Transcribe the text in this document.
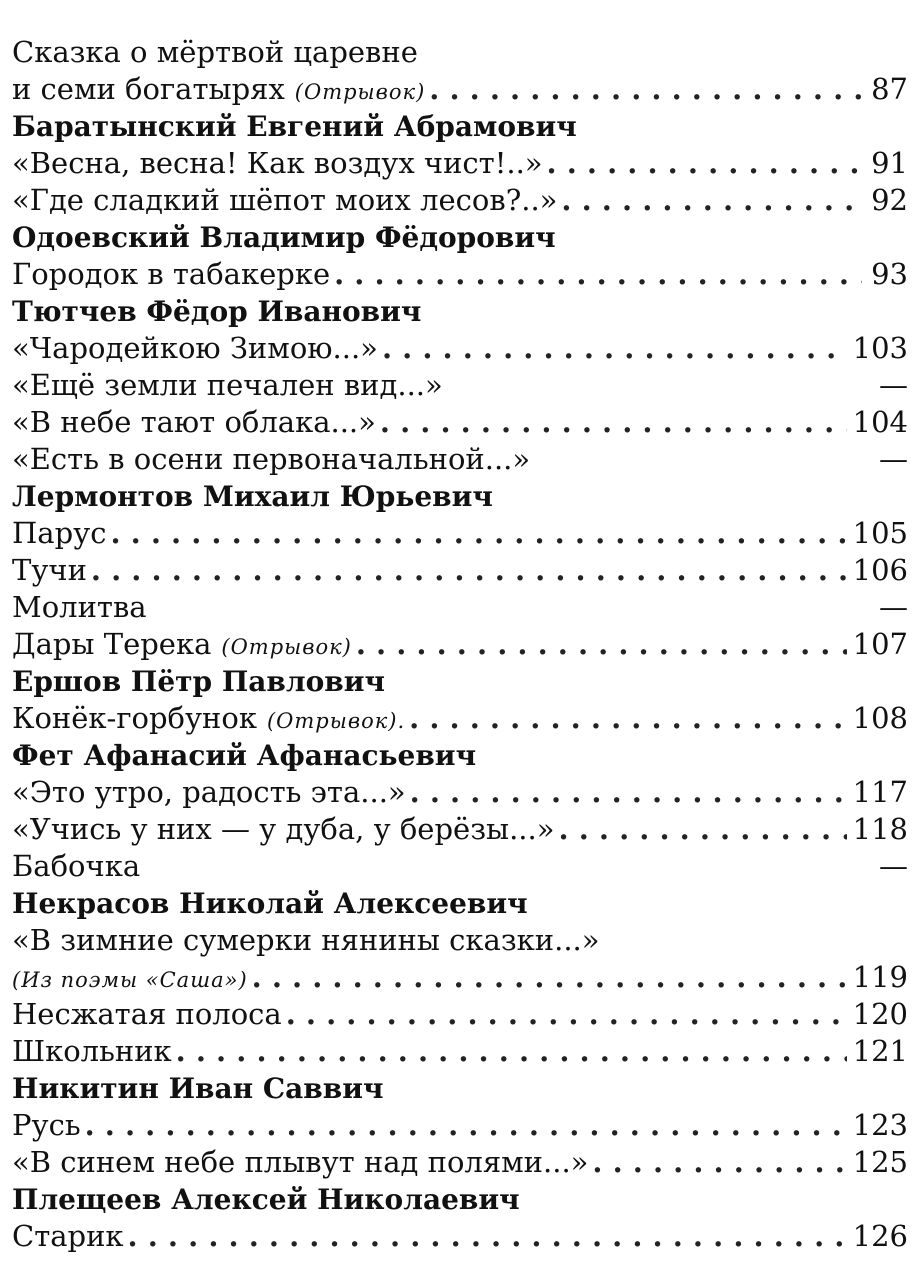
Сказка о мёртвой царевне
и семи богатырях (Отрывок) . . .	87
Баратынский Евгений Абрамович
«Весна, весна! Как воздух чист!..» . . .	91
«Где сладкий шёпот моих лесов?..» . . .	92
Одоевский Владимир Фёдорович
Городок в табакерке . . .	93
Тютчев Фёдор Иванович
«Чародейкою Зимою...» . . .	103
«Ещё земли печален вид...»	—
«В небе тают облака...» . . .	104
«Есть в осени первоначальной...»	—
Лермонтов Михаил Юрьевич
Парус . . .	105
Тучи . . .	106
Молитва	—
Дары Терека (Отрывок) . . .	107
Ершов Пётр Павлович
Конёк-горбунок (Отрывок). . . .	108
Фет Афанасий Афанасьевич
«Это утро, радость эта...» . . .	117
«Учись у них — у дуба, у берёзы...» . . .	118
Бабочка	—
Некрасов Николай Алексеевич
«В зимние сумерки нянины сказки...»
(Из поэмы «Саша») . . .	119
Несжатая полоса . . .	120
Школьник . . .	121
Никитин Иван Саввич
Русь . . .	123
«В синем небе плывут над полями...» . . .	125
Плещеев Алексей Николаевич
Старик . . .	126
